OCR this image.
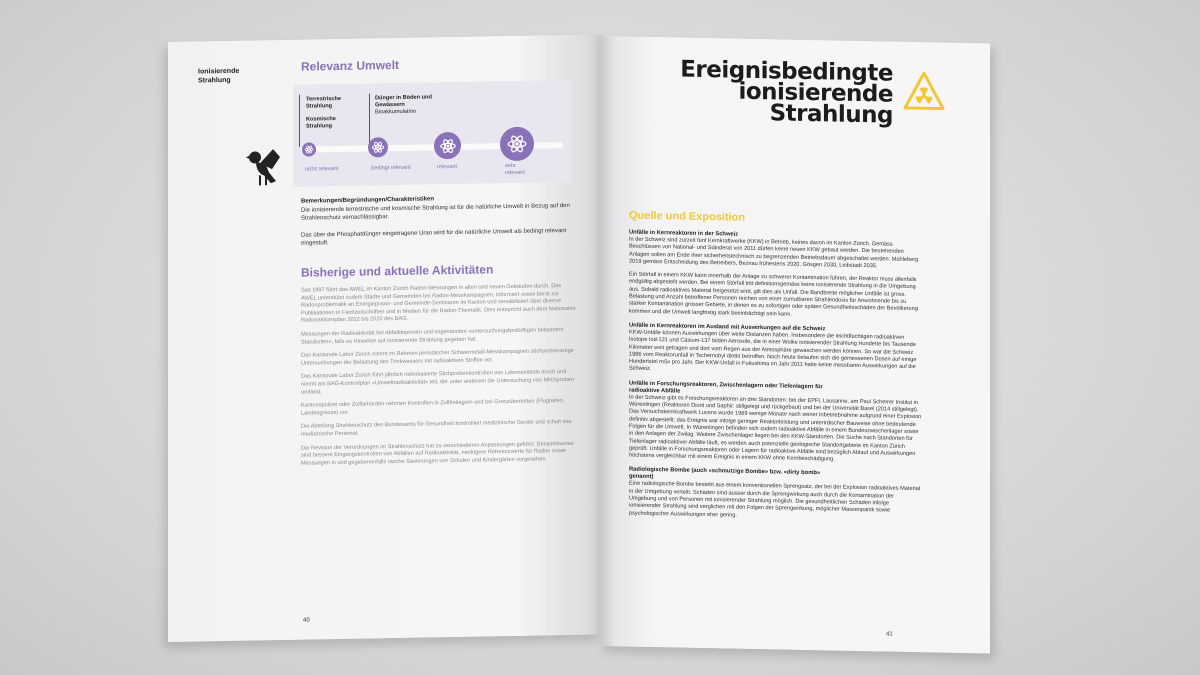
Ionisierende Strahlung
Relevanz Umwelt
Terrestrische Strahlung
Kosmische Strahlung
Dünger in Böden und Gewässern
Bioakkumulation
nicht relevant	bedingt relevant	relevant	sehr relevant
Bemerkungen/Begründungen/Charakteristiken
Die ionisierende terrestrische und kosmische Strahlung ist für die natürliche Umwelt in Bezug auf den Strahlenschutz vernachlässigbar.
Das über die Phosphatdünger eingetragene Uran wird für die natürliche Umwelt als bedingt relevant eingestuft.
Bisherige und aktuelle Aktivitäten
Seit 1997 führt das AWEL im Kanton Zürich Radon-Messungen in alten und neuen Gebäuden durch. Das AWEL unterstützt zudem Städte und Gemeinden bei Radon-Messkampagnen, informiert sowie berät zur Radonproblematik an Energiepraxis- und Gemeinde-Seminaren im Kanton und sensibilisiert über diverse Publikationen in Fachzeitschriften und in Medien für die Radon-Thematik. Dies entspricht auch dem Nationalen Radonaktionsplan 2012 bis 2020 des BAG.
Messungen der Radioaktivität bei Abfalldeponien und sogenannten «untersuchungsbedürftigen belasteten Standorten», falls es Hinweise auf ionisierende Strahlung gegeben hat.
Das Kantonale Labor Zürich nimmt im Rahmen periodischer Schwermetall-Messkampagnen stichprobenartige Untersuchungen der Belastung des Trinkwassers mit radioaktiven Stoffen vor.
Das Kantonale Labor Zürich führt jährlich risikobasierte Stichprobenkontrollen von Lebensmitteln durch und nimmt am BAG-Kontrollplan «Umweltradioaktivität» teil, der unter anderem die Untersuchung von Milchproben umfasst.
Kantonspolizei oder Zollbehörden nehmen Kontrollen in Zollfreilagern und bei Grenzübertritten (Flughafen, Landesgrenze) vor.
Die Abteilung Strahlenschutz des Bundesamts für Gesundheit kontrolliert medizinische Geräte und schult das medizinische Personal.
Die Revision der Verordnungen im Strahlenschutz hat zu verschiedenen Anpassungen geführt. Beispielsweise sind bessere Eingangskontrollen von Abfällen auf Radioaktivität, niedrigere Referenzwerte für Radon sowie Messungen in und gegebenenfalls rasche Sanierungen von Schulen und Kindergärten vorgesehen.
40
Ereignisbedingte
ionisierende
Strahlung
Quelle und Exposition
Unfälle in Kernreaktoren in der Schweiz
In der Schweiz sind zurzeit fünf Kernkraftwerke (KKW) in Betrieb, keines davon im Kanton Zürich. Gemäss Beschlüssen von National- und Ständerat von 2011 dürfen keine neuen KKW gebaut werden. Die bestehenden Anlagen sollen am Ende ihrer sicherheitstechnisch zu begrenzenden Betriebsdauer abgeschaltet werden: Mühleberg 2019 gemäss Entscheidung des Betreibers, Beznau frühestens 2020, Gösgen 2030, Leibstadt 2035.
Ein Störfall in einem KKW kann innerhalb der Anlage zu schwerer Kontamination führen, der Reaktor muss allenfalls endgültig abgestellt werden. Bei einem Störfall tritt definitionsgemäss keine ionisierende Strahlung in die Umgebung aus. Sobald radioaktives Material freigesetzt wird, gilt dies als Unfall. Die Bandbreite möglicher Unfälle ist gross. Belastung und Anzahl betroffener Personen reichen von einer zumutbaren Strahlendosis für Anwohnende bis zu starker Kontamination grosser Gebiete, in denen es zu sofortigen oder späten Gesundheitsschäden der Bevölkerung kommen und die Umwelt langfristig stark beeinträchtigt sein kann.
Unfälle in Kernreaktoren im Ausland mit Auswirkungen auf die Schweiz
KKW-Unfälle können Auswirkungen über weite Distanzen haben. Insbesondere die leichtflüchtigen radioaktiven Isotope Iod-131 und Cäsium-137 bilden Aerosole, die in einer Wolke ionisierender Strahlung Hunderte bis Tausende Kilometer weit getragen und dort vom Regen aus der Atmosphäre gewaschen werden können. So war die Schweiz 1986 vom Reaktorunfall in Tschernobyl direkt betroffen. Noch heute belaufen sich die gemessenen Dosen auf einige Hundertstel mSv pro Jahr. Der KKW-Unfall in Fukushima im Jahr 2011 hatte keine messbaren Auswirkungen auf die Schweiz.
Unfälle in Forschungsreaktoren, Zwischenlagern oder Tiefenlagern für radioaktive Abfälle
In der Schweiz gibt es Forschungsreaktoren an drei Standorten: bei der EPFL Lausanne, am Paul Scherrer Institut in Würenlingen (Reaktoren Diorit und Saphir: stillgelegt und rückgebaut) und bei der Universität Basel (2014 stillgelegt). Das Versuchskernkraftwerk Lucens wurde 1969 wenige Monate nach seiner Inbetriebnahme aufgrund einer Explosion definitiv abgestellt; das Ereignis war infolge geringer Reaktorleistung und unterirdischer Bauweise ohne bedeutende Folgen für die Umwelt. In Würenlingen befinden sich zudem radioaktive Abfälle in einem Bundeszwischenlager sowie in den Anlagen der Zwilag. Weitere Zwischenlager liegen bei den KKW-Standorten. Die Suche nach Standorten für Tiefenlager radioaktiver Abfälle läuft, es werden auch potenzielle geologische Standortgebiete im Kanton Zürich geprüft. Unfälle in Forschungsreaktoren oder Lagern für radioaktive Abfälle sind bezüglich Ablauf und Auswirkungen höchstens vergleichbar mit einem Ereignis in einem KKW ohne Kernbeschädigung.
Radiologische Bombe (auch «schmutzige Bombe» bzw. «dirty bomb» genannt)
Eine radiologische Bombe besteht aus einem konventionellen Sprengsatz, der bei der Explosion radioaktives Material in der Umgebung verteilt. Schäden sind ausser durch die Sprengwirkung auch durch die Kontamination der Umgebung und von Personen mit ionisierender Strahlung möglich. Die gesundheitlichen Schäden infolge ionisierender Strahlung sind verglichen mit den Folgen der Sprengwirkung, möglicher Massenpanik sowie psychologischer Auswirkungen eher gering.
41
